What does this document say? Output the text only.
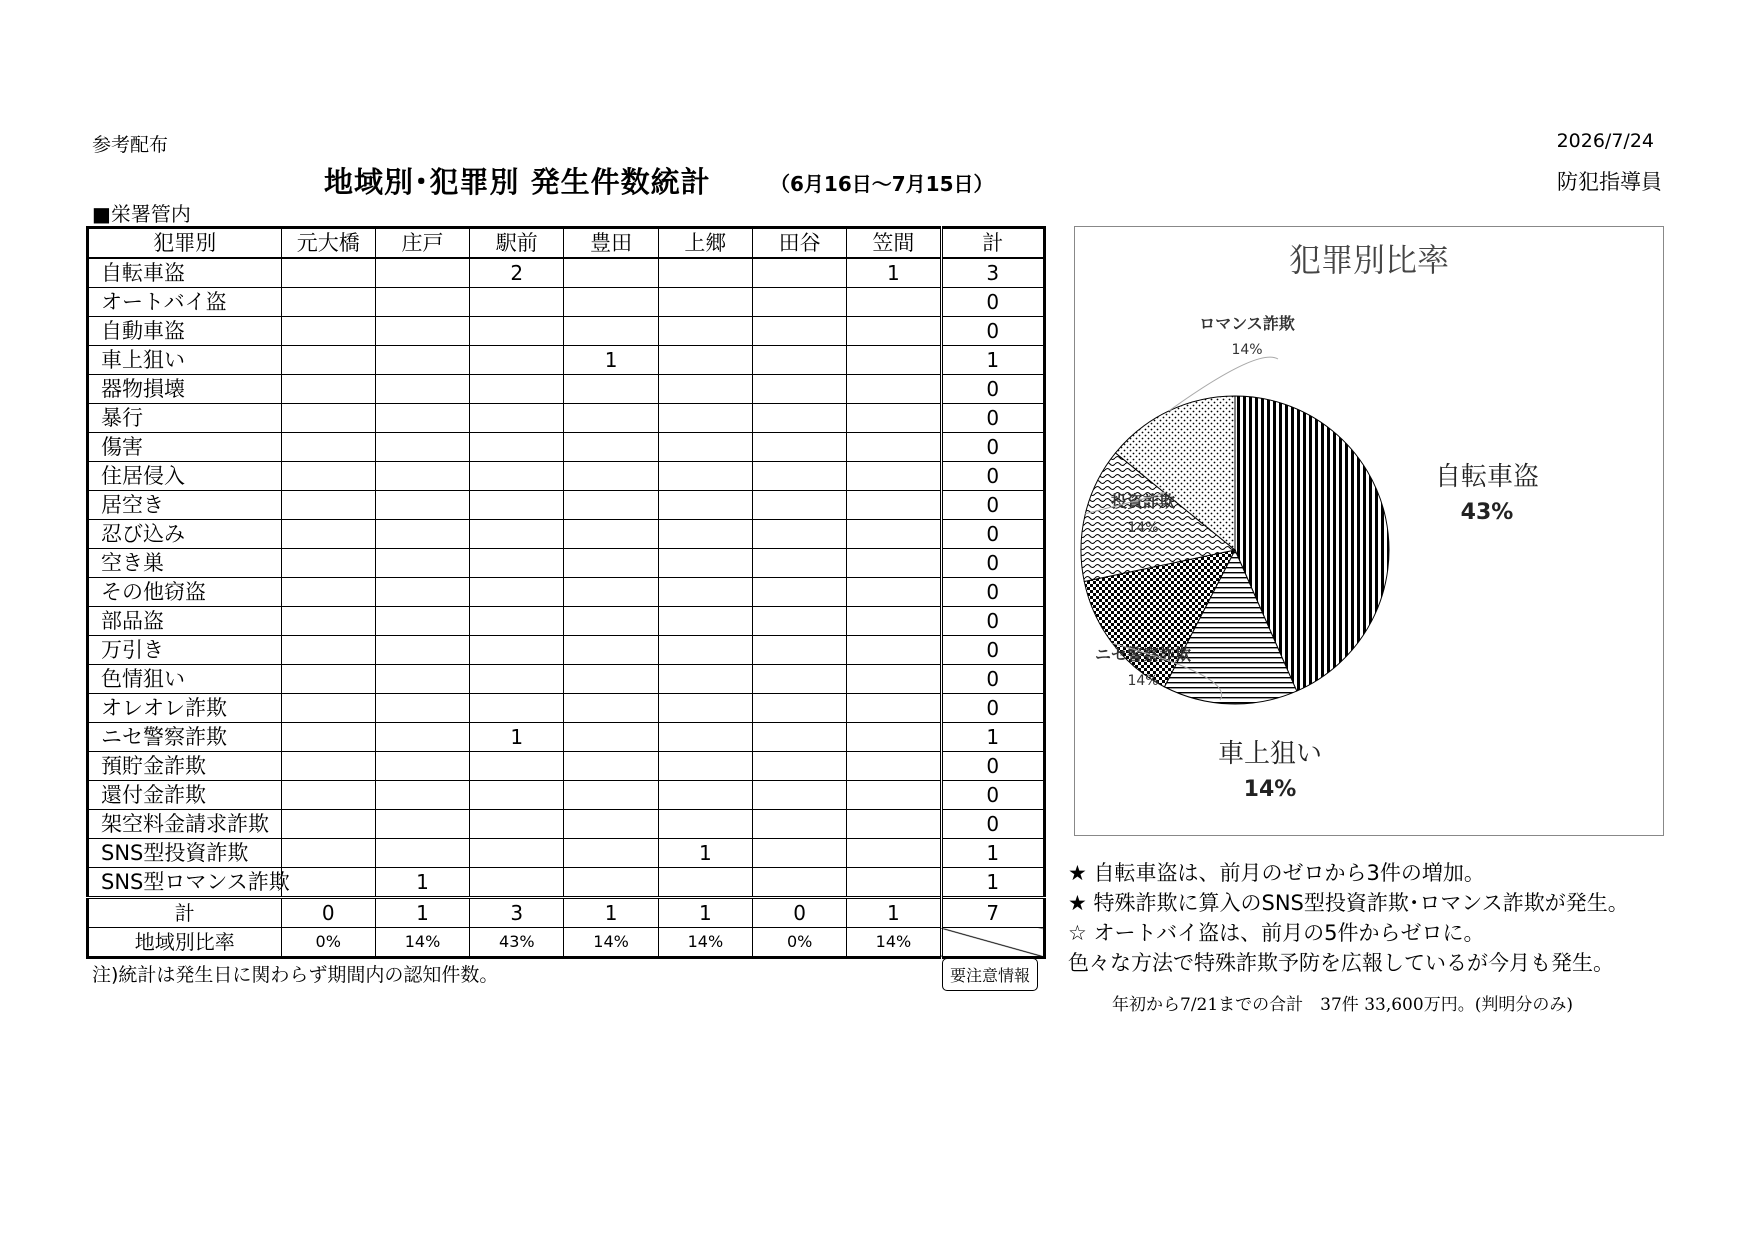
参考配布	2026/7/24
地域別･犯罪別 発生件数統計	（6月16日～7月15日）	防犯指導員
■栄署管内
犯罪別	元大橋	庄戸	駅前	豊田	上郷	田谷	笠間	計
自転車盗			2				1	3
オートバイ盗								0
自動車盗								0
車上狙い				1				1
器物損壊								0
暴行								0
傷害								0
住居侵入								0
居空き								0
忍び込み								0
空き巣								0
その他窃盗								0
部品盗								0
万引き								0
色情狙い								0
オレオレ詐欺								0
ニセ警察詐欺			1					1
預貯金詐欺								0
還付金詐欺								0
架空料金請求詐欺								0
SNS型投資詐欺					1			1
SNS型ロマンス詐欺		1						1
計	0	1	3	1	1	0	1	7
地域別比率	0%	14%	43%	14%	14%	0%	14%	
注)統計は発生日に関わらず期間内の認知件数。	要注意情報
犯罪別比率
自転車盗
43%
車上狙い
14%
ニセ警察詐欺
14%
投資詐欺
14%
ロマンス詐欺
14%
★ 自転車盗は、前月のゼロから3件の増加。
★ 特殊詐欺に算入のSNS型投資詐欺･ロマンス詐欺が発生。
☆ オートバイ盗は、前月の5件からゼロに。
色々な方法で特殊詐欺予防を広報しているが今月も発生。
年初から7/21までの合計　37件 33,600万円。(判明分のみ)
